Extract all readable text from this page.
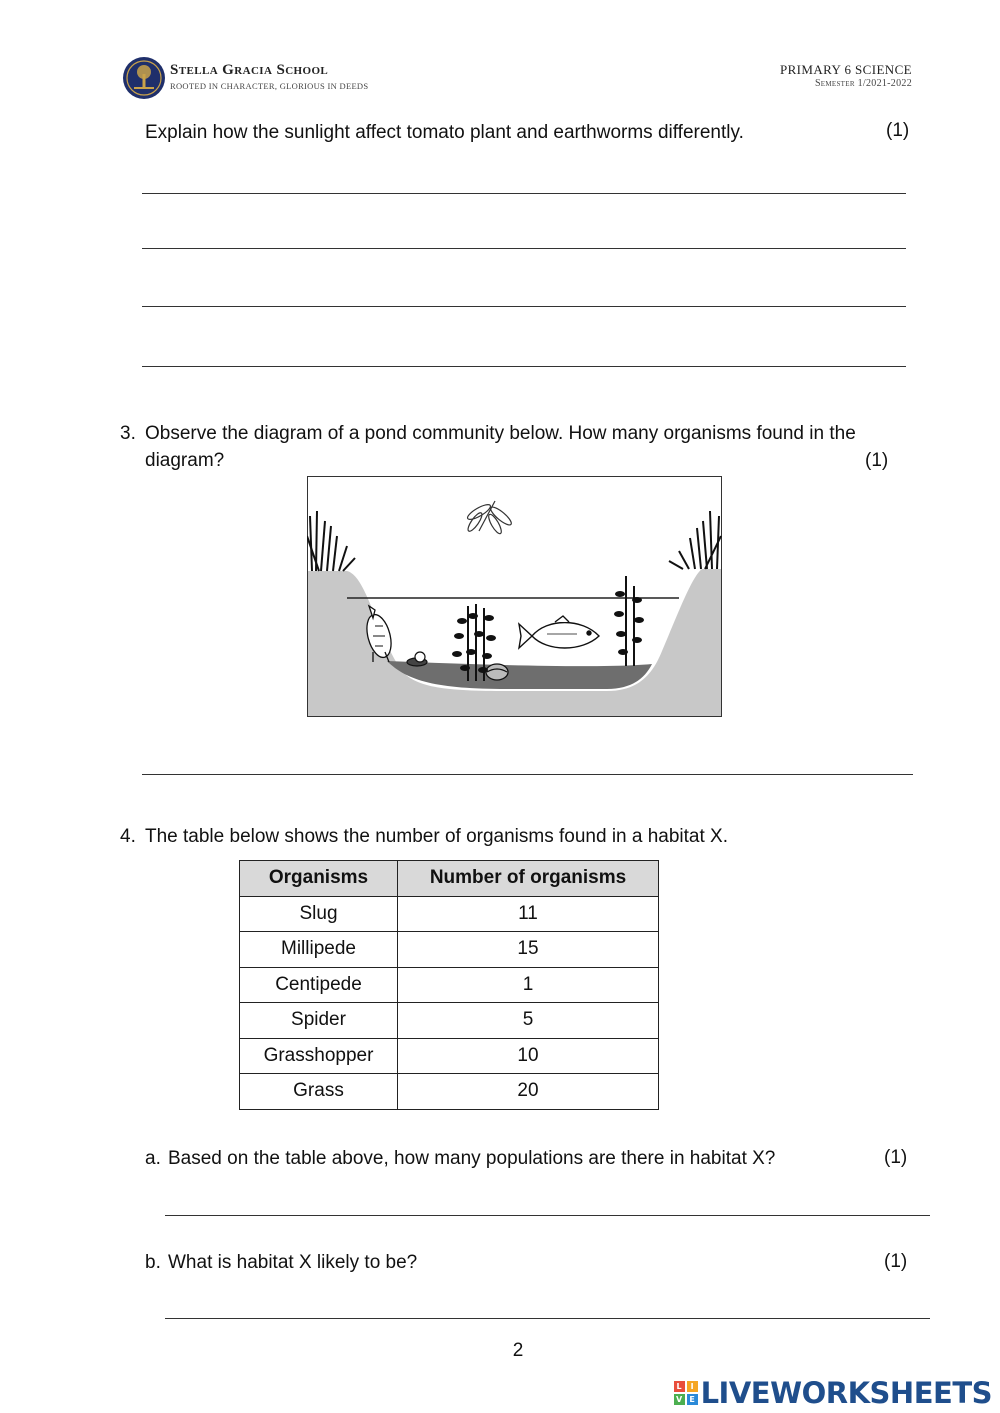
Stella Gracia School
ROOTED IN CHARACTER, GLORIOUS IN DEEDS
PRIMARY 6 SCIENCE
Semester 1/2021-2022
Explain how the sunlight affect tomato plant and earthworms differently.	(1)
3. Observe the diagram of a pond community below. How many organisms found in the
diagram?	(1)
4. The table below shows the number of organisms found in a habitat X.
Organisms	Number of organisms
Slug	11
Millipede	15
Centipede	1
Spider	5
Grasshopper	10
Grass	20
a. Based on the table above, how many populations are there in habitat X?	(1)
b. What is habitat X likely to be?	(1)
2
L	I
V E LIVEWORKSHEETS
